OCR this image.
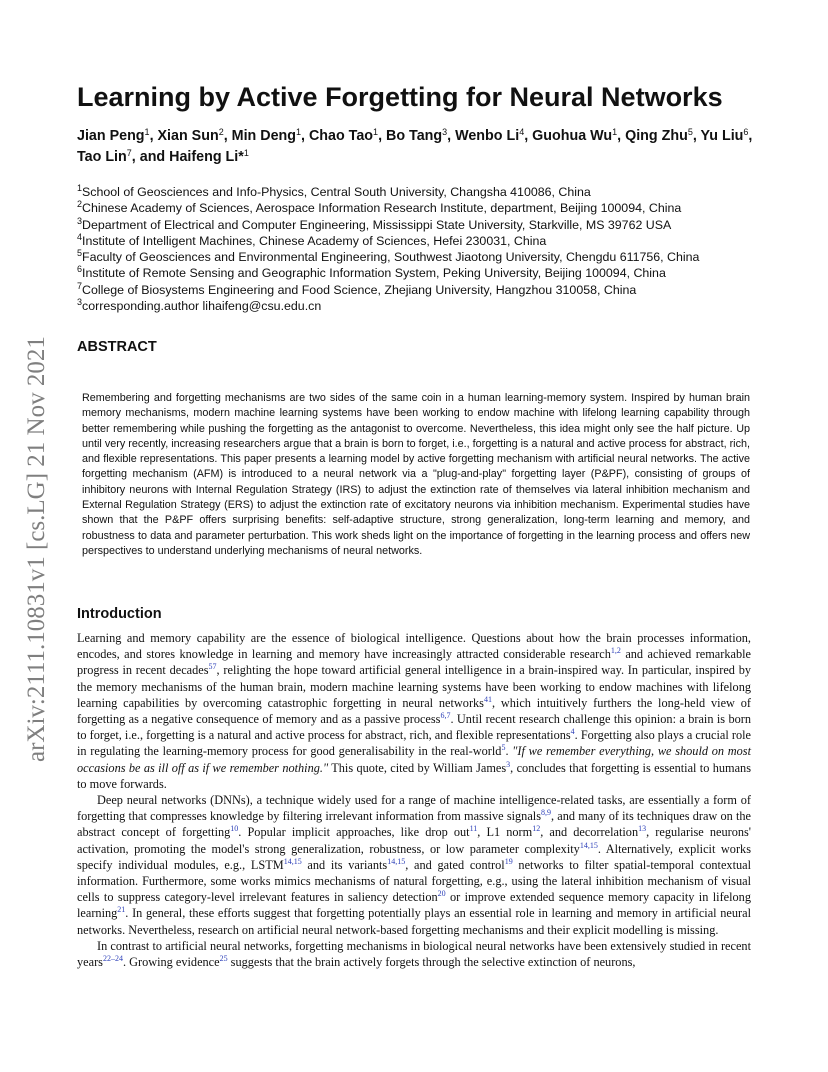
arXiv:2111.10831v1 [cs.LG] 21 Nov 2021
Learning by Active Forgetting for Neural Networks
Jian Peng$^1$, Xian Sun$^2$, Min Deng$^1$, Chao Tao$^1$, Bo Tang$^3$, Wenbo Li$^4$, Guohua Wu$^1$, Qing Zhu$^5$, Yu Liu$^6$, Tao Lin$^7$, and Haifeng Li*$^1$
$^1$School of Geosciences and Info-Physics, Central South University, Changsha 410086, China
$^2$Chinese Academy of Sciences, Aerospace Information Research Institute, department, Beijing 100094, China
$^3$Department of Electrical and Computer Engineering, Mississippi State University, Starkville, MS 39762 USA
$^4$Institute of Intelligent Machines, Chinese Academy of Sciences, Hefei 230031, China
$^5$Faculty of Geosciences and Environmental Engineering, Southwest Jiaotong University, Chengdu 611756, China
$^6$Institute of Remote Sensing and Geographic Information System, Peking University, Beijing 100094, China
$^7$College of Biosystems Engineering and Food Science, Zhejiang University, Hangzhou 310058, China
$^3$corresponding.author lihaifeng@csu.edu.cn
ABSTRACT
Remembering and forgetting mechanisms are two sides of the same coin in a human learning-memory system. Inspired by human brain memory mechanisms, modern machine learning systems have been working to endow machine with lifelong learning capability through better remembering while pushing the forgetting as the antagonist to overcome. Nevertheless, this idea might only see the half picture. Up until very recently, increasing researchers argue that a brain is born to forget, i.e., forgetting is a natural and active process for abstract, rich, and flexible representations. This paper presents a learning model by active forgetting mechanism with artificial neural networks. The active forgetting mechanism (AFM) is introduced to a neural network via a "plug-and-play" forgetting layer (P&PF), consisting of groups of inhibitory neurons with Internal Regulation Strategy (IRS) to adjust the extinction rate of themselves via lateral inhibition mechanism and External Regulation Strategy (ERS) to adjust the extinction rate of excitatory neurons via inhibition mechanism. Experimental studies have shown that the P&PF offers surprising benefits: self-adaptive structure, strong generalization, long-term learning and memory, and robustness to data and parameter perturbation. This work sheds light on the importance of forgetting in the learning process and offers new perspectives to understand underlying mechanisms of neural networks.
Introduction

Learning and memory capability are the essence of biological intelligence. Questions about how the brain processes information, encodes, and stores knowledge in learning and memory have increasingly attracted considerable research$^{1,2}$ and achieved remarkable progress in recent decades$^{57}$, relighting the hope toward artificial general intelligence in a brain-inspired way. In particular, inspired by the memory mechanisms of the human brain, modern machine learning systems have been working to endow machines with lifelong learning capabilities by overcoming catastrophic forgetting in neural networks$^{41}$, which intuitively furthers the long-held view of forgetting as a negative consequence of memory and as a passive process$^{6,7}$. Until recent research challenge this opinion: a brain is born to forget, i.e., forgetting is a natural and active process for abstract, rich, and flexible representations$^4$. Forgetting also plays a crucial role in regulating the learning-memory process for good generalisability in the real-world$^5$. "If we remember everything, we should on most occasions be as ill off as if we remember nothing." This quote, cited by William James$^3$, concludes that forgetting is essential to humans to move forwards.

Deep neural networks (DNNs), a technique widely used for a range of machine intelligence-related tasks, are essentially a form of forgetting that compresses knowledge by filtering irrelevant information from massive signals$^{8,9}$, and many of its techniques draw on the abstract concept of forgetting$^{10}$. Popular implicit approaches, like drop out$^{11}$, L1 norm$^{12}$, and decorrelation$^{13}$, regularise neurons' activation, promoting the model's strong generalization, robustness, or low parameter complexity$^{14,15}$. Alternatively, explicit works specify individual modules, e.g., LSTM$^{14,15}$ and its variants$^{14,15}$, and gated control$^{19}$ networks to filter spatial-temporal contextual information. Furthermore, some works mimics mechanisms of natural forgetting, e.g., using the lateral inhibition mechanism of visual cells to suppress category-level irrelevant features in saliency detection$^{20}$ or improve extended sequence memory capacity in lifelong learning$^{21}$. In general, these efforts suggest that forgetting potentially plays an essential role in learning and memory in artificial neural networks. Nevertheless, research on artificial neural network-based forgetting mechanisms and their explicit modelling is missing.

In contrast to artificial neural networks, forgetting mechanisms in biological neural networks have been extensively studied in recent years$^{22-24}$. Growing evidence$^{25}$ suggests that the brain actively forgets through the selective extinction of neurons,
